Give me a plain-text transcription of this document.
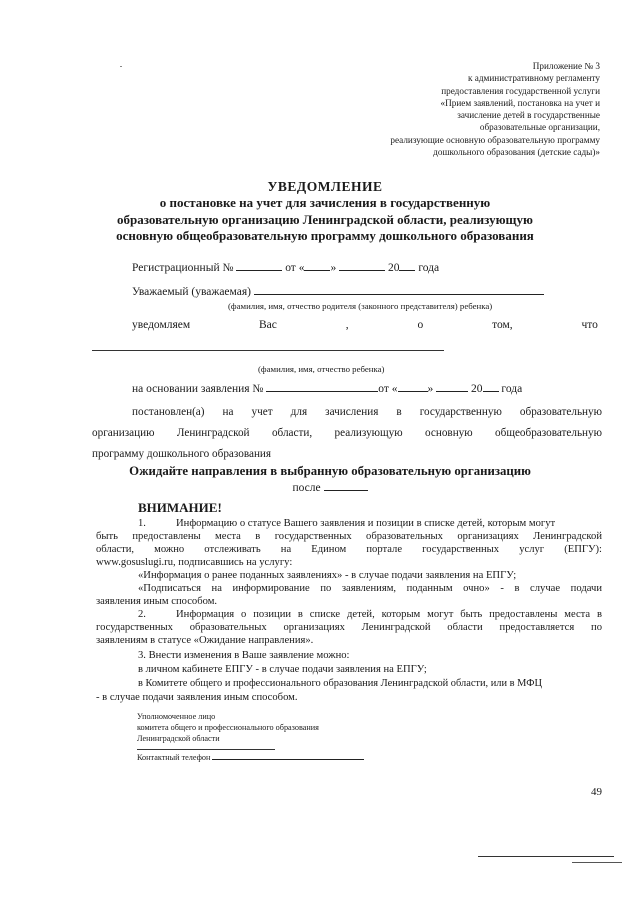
Приложение № 3
к административному регламенту
предоставления государственной услуги
«Прием заявлений, постановка на учет и
зачисление детей в государственные
образовательные организации,
реализующие основную образовательную программу
дошкольного образования (детские сады)»
УВЕДОМЛЕНИЕ
о постановке на учет для зачисления в государственную
образовательную организацию Ленинградской области, реализующую
основную общеобразовательную программу дошкольного образования
Регистрационный №	от « »	20 года
Уважаемый (уважаемая)
(фамилия, имя, отчество родителя (законного представителя) ребенка)
уведомляем	Вас	,	о	том,	что
(фамилия, имя, отчество ребенка)
на основании заявления №	от «	»	20 года
постановлен(а) на учет для зачисления в государственную образовательную
организацию Ленинградской области, реализующую основную общеобразовательную
программу дошкольного образования
Ожидайте направления в выбранную образовательную организацию
после
ВНИМАНИЕ!
1.	Информацию о статусе Вашего заявления и позиции в списке детей, которым могут
быть предоставлены места в государственных образовательных организациях Ленинградской
области, можно отслеживать на Едином портале государственных услуг (ЕПГУ):
www.gosuslugi.ru, подписавшись на услугу:
«Информация о ранее поданных заявлениях» - в случае подачи заявления на ЕПГУ;
«Подписаться на информирование по заявлениям, поданным очно» - в случае подачи
заявления иным способом.
2.	Информация о позиции в списке детей, которым могут быть предоставлены места в
государственных образовательных организациях Ленинградской области предоставляется по
заявлениям в статусе «Ожидание направления».
3. Внести изменения в Ваше заявление можно:
в личном кабинете ЕПГУ - в случае подачи заявления на ЕПГУ;
в Комитете общего и профессионального образования Ленинградской области, или в МФЦ
- в случае подачи заявления иным способом.
Уполномоченное лицо
комитета общего и профессионального образования
Ленинградской области
Контактный телефон
49
